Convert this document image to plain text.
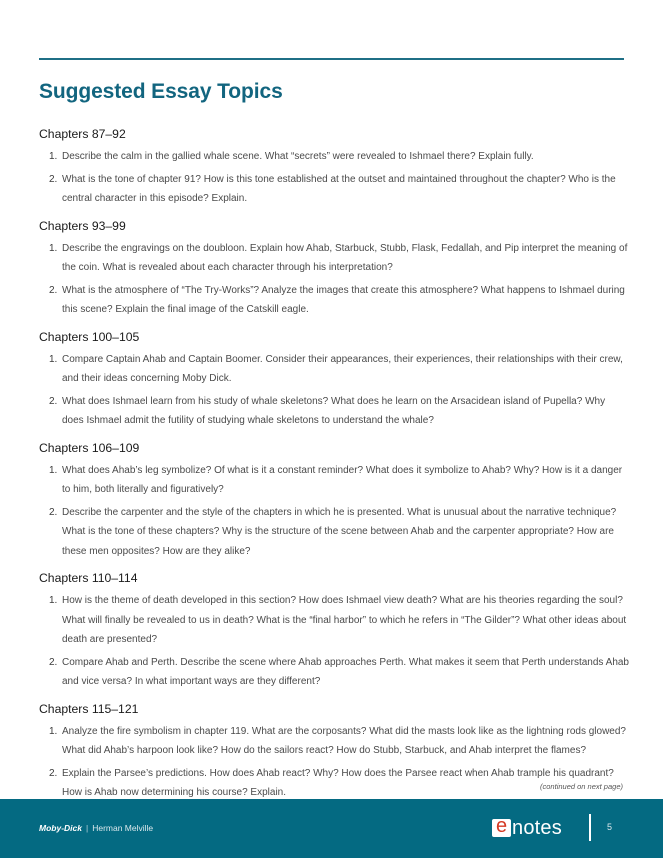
Suggested Essay Topics
Chapters 87–92
1. Describe the calm in the gallied whale scene. What “secrets” were revealed to Ishmael there? Explain fully.
2. What is the tone of chapter 91? How is this tone established at the outset and maintained throughout the chapter? Who is the central character in this episode? Explain.
Chapters 93–99
1. Describe the engravings on the doubloon. Explain how Ahab, Starbuck, Stubb, Flask, Fedallah, and Pip interpret the meaning of the coin. What is revealed about each character through his interpretation?
2. What is the atmosphere of “The Try-Works”? Analyze the images that create this atmosphere? What happens to Ishmael during this scene? Explain the final image of the Catskill eagle.
Chapters 100–105
1. Compare Captain Ahab and Captain Boomer. Consider their appearances, their experiences, their relationships with their crew, and their ideas concerning Moby Dick.
2. What does Ishmael learn from his study of whale skeletons? What does he learn on the Arsacidean island of Pupella? Why does Ishmael admit the futility of studying whale skeletons to understand the whale?
Chapters 106–109
1. What does Ahab’s leg symbolize? Of what is it a constant reminder? What does it symbolize to Ahab? Why? How is it a danger to him, both literally and figuratively?
2. Describe the carpenter and the style of the chapters in which he is presented. What is unusual about the narrative technique? What is the tone of these chapters? Why is the structure of the scene between Ahab and the carpenter appropriate? How are these men opposites? How are they alike?
Chapters 110–114
1. How is the theme of death developed in this section? How does Ishmael view death? What are his theories regarding the soul? What will finally be revealed to us in death? What is the “final harbor” to which he refers in “The Gilder”? What other ideas about death are presented?
2. Compare Ahab and Perth. Describe the scene where Ahab approaches Perth. What makes it seem that Perth understands Ahab and vice versa? In what important ways are they different?
Chapters 115–121
1. Analyze the fire symbolism in chapter 119. What are the corposants? What did the masts look like as the lightning rods glowed? What did Ahab’s harpoon look like? How do the sailors react? How do Stubb, Starbuck, and Ahab interpret the flames?
2. Explain the Parsee’s predictions. How does Ahab react? Why? How does the Parsee react when Ahab trample his quadrant? How is Ahab now determining his course? Explain.
(continued on next page)
Moby-Dick | Herman Melville	e notes	5
